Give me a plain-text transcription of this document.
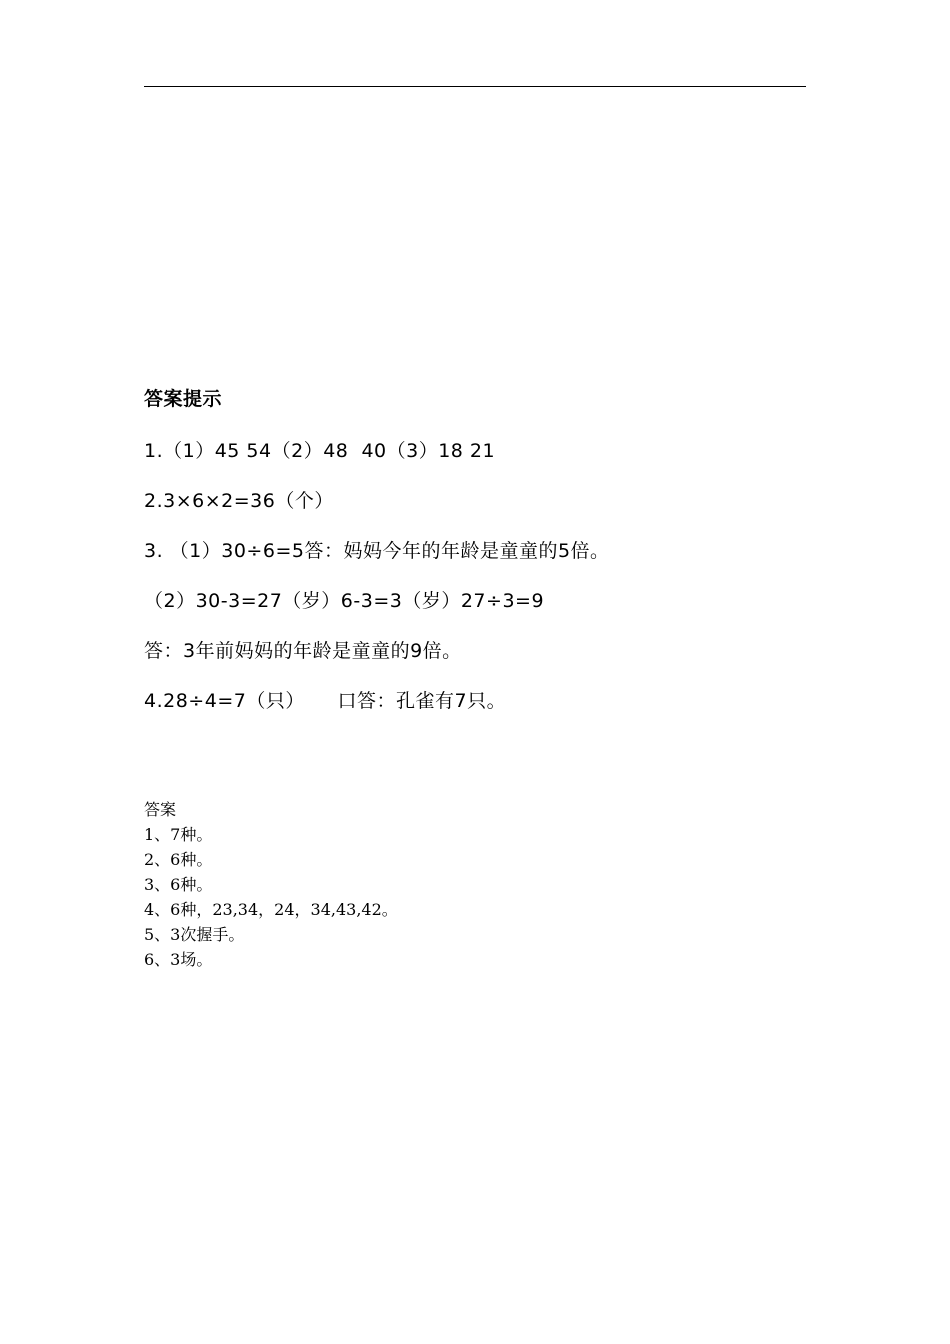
答案提示
1.（1）45 54（2）48  40（3）18 21
2.3×6×2=36（个）
3. （1）30÷6=5答：妈妈今年的年龄是童童的5倍。
（2）30-3=27（岁）6-3=3（岁）27÷3=9
答：3年前妈妈的年龄是童童的9倍。
4.28÷4=7（只）     口答：孔雀有7只。
答案
1、7种。
2、6种。
3、6种。
4、6种，23,34，24，34,43,42。
5、3次握手。
6、3场。
